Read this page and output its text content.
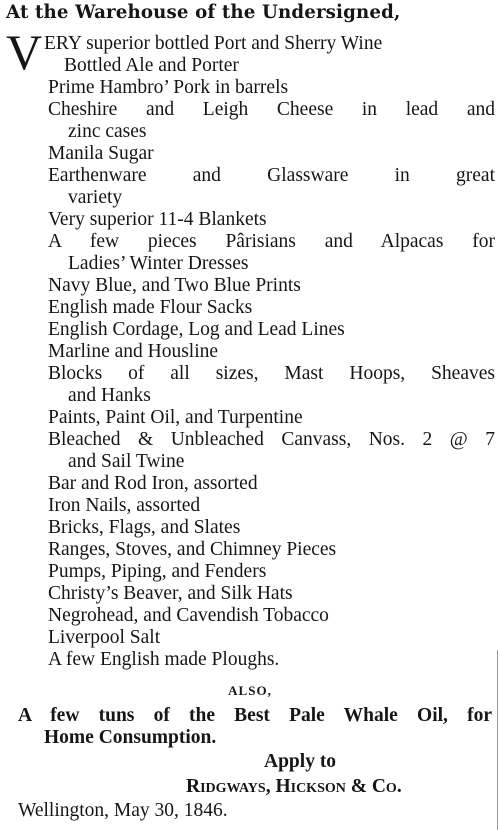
At the Warehouse of the Undersigned,
V ERY superior bottled Port and Sherry Wine
Bottled Ale and Porter
Prime Hambro’ Pork in barrels
Cheshire and Leigh Cheese in lead and
zinc cases
Manila Sugar
Earthenware and Glassware in great
variety
Very superior 11-4 Blankets
A few pieces Pârisians and Alpacas for
Ladies’ Winter Dresses
Navy Blue, and Two Blue Prints
English made Flour Sacks
English Cordage, Log and Lead Lines
Marline and Housline
Blocks of all sizes, Mast Hoops, Sheaves
and Hanks
Paints, Paint Oil, and Turpentine
Bleached & Unbleached Canvass, Nos. 2 @ 7
and Sail Twine
Bar and Rod Iron, assorted
Iron Nails, assorted
Bricks, Flags, and Slates
Ranges, Stoves, and Chimney Pieces
Pumps, Piping, and Fenders
Christy’s Beaver, and Silk Hats
Negrohead, and Cavendish Tobacco
Liverpool Salt
A few English made Ploughs.
ALSO,
A few tuns of the Best Pale Whale Oil, for
Home Consumption.
Apply to
Ridgways, Hickson & Co.
Wellington, May 30, 1846.
